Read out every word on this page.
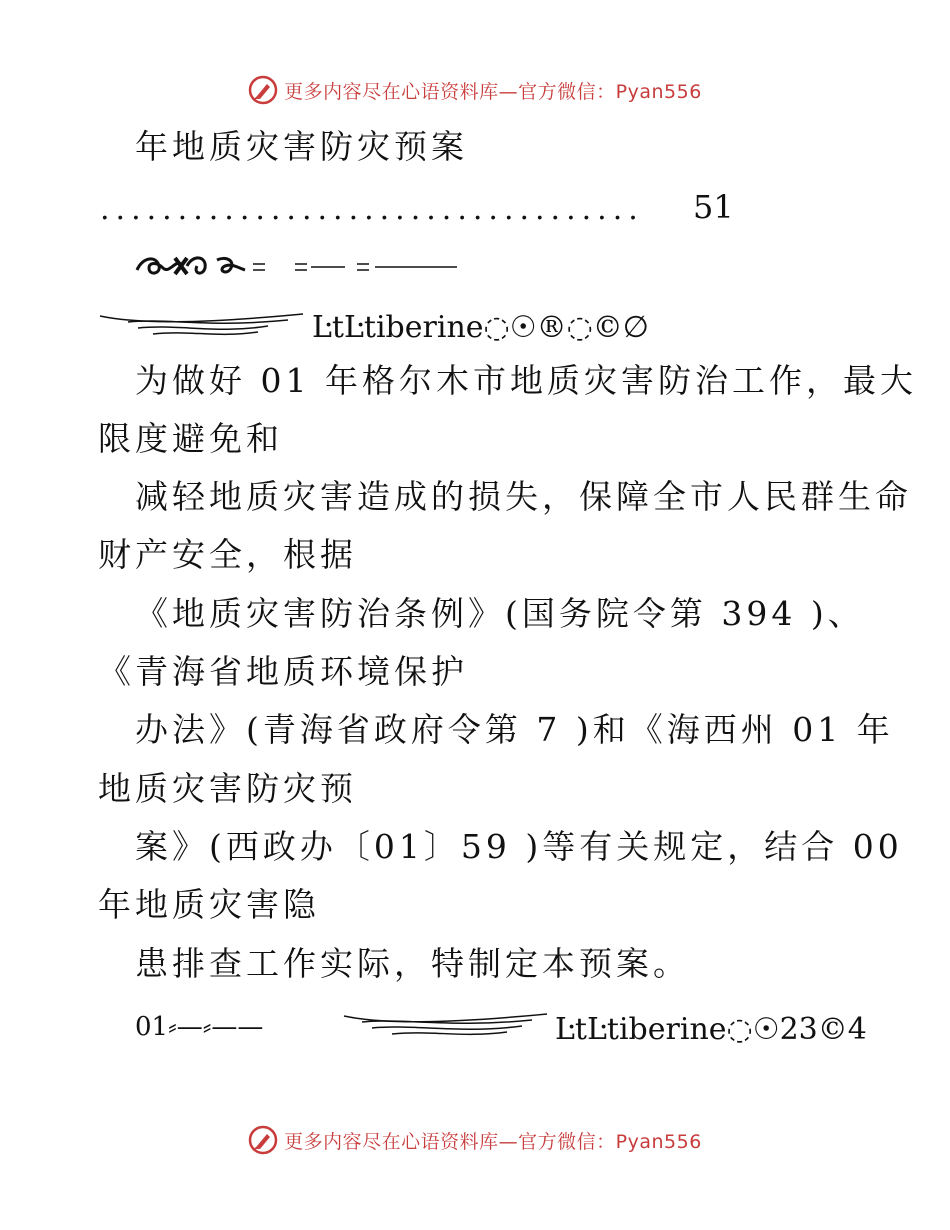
更多内容尽在心语资料库—官方微信：Pyan556
年地质灾害防灾预案
................................... 51
ĿtĿtiberine◌☉®◌©∅
为做好 01 年格尔木市地质灾害防治工作，最大
限度避免和
减轻地质灾害造成的损失，保障全市人民群生命
财产安全，根据
《地质灾害防治条例》(国务院令第 394 )、
《青海省地质环境保护
办法》(青海省政府令第 7 )和《海西州 01 年
地质灾害防灾预
案》(西政办〔01〕59 )等有关规定，结合 00
年地质灾害隐
患排查工作实际，特制定本预案。
01⸗—⸗——	ĿtĿtiberine◌☉23©4
更多内容尽在心语资料库—官方微信：Pyan556
